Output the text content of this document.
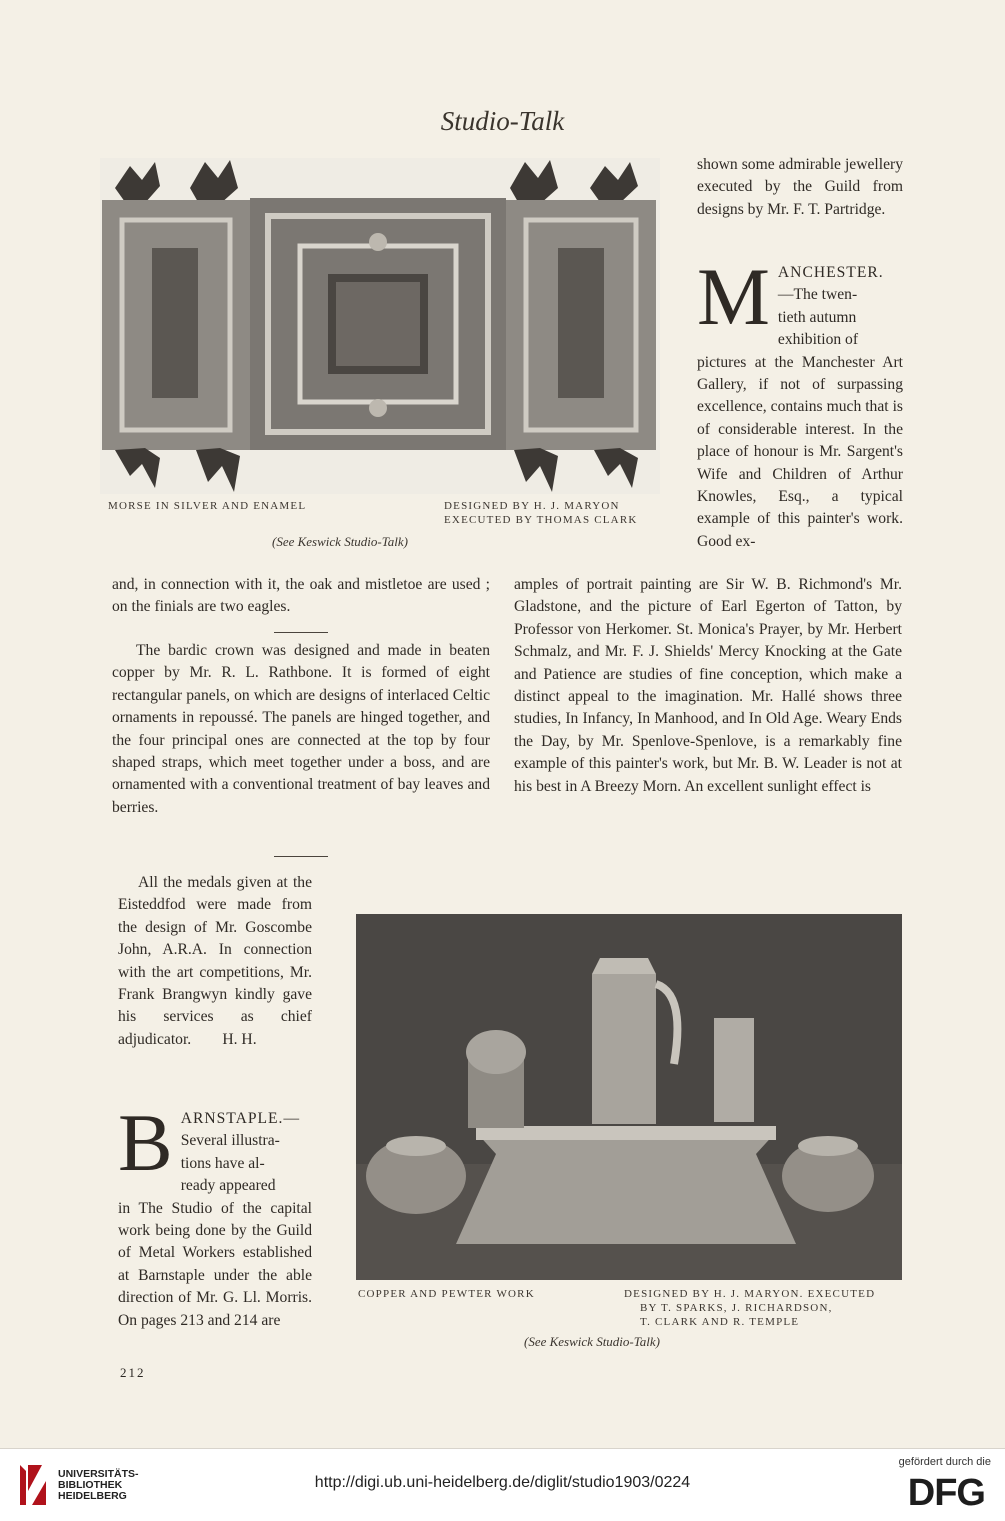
Studio-Talk
MORSE IN SILVER AND ENAMEL	DESIGNED BY H. J. MARYON
EXECUTED BY THOMAS CLARK
(See Keswick Studio-Talk)

shown some admirable jewellery executed by the Guild from designs by Mr. F. T. Partridge.

M ANCHESTER.
—The twen-
tieth autumn
exhibition of
pictures at the Manchester Art Gallery, if not of surpassing excellence, contains much that is of considerable interest. In the place of honour is Mr. Sargent's Wife and Children of Arthur Knowles, Esq., a typical example of this painter's work. Good ex-

and, in connection with it, the oak and mistletoe are used ; on the finials are two eagles.

The bardic crown was designed and made in beaten copper by Mr. R. L. Rathbone. It is formed of eight rectangular panels, on which are designs of interlaced Celtic ornaments in repoussé. The panels are hinged together, and the four principal ones are connected at the top by four shaped straps, which meet together under a boss, and are ornamented with a conventional treatment of bay leaves and berries.

All the medals given at the Eisteddfod were made from the design of Mr. Goscombe John, A.R.A. In connection with the art competitions, Mr. Frank Brangwyn kindly gave his services as chief adjudicator. H. H.

B ARNSTAPLE.—
Several illustra-
tions have al-
ready appeared
in The Studio of the capital work being done by the Guild of Metal Workers established at Barnstaple under the able direction of Mr. G. Ll. Morris. On pages 213 and 214 are

amples of portrait painting are Sir W. B. Richmond's Mr. Gladstone, and the picture of Earl Egerton of Tatton, by Professor von Herkomer. St. Monica's Prayer, by Mr. Herbert Schmalz, and Mr. F. J. Shields' Mercy Knocking at the Gate and Patience are studies of fine conception, which make a distinct appeal to the imagination. Mr. Hallé shows three studies, In Infancy, In Manhood, and In Old Age. Weary Ends the Day, by Mr. Spenlove-Spenlove, is a remarkably fine example of this painter's work, but Mr. B. W. Leader is not at his best in A Breezy Morn. An excellent sunlight effect is

COPPER AND PEWTER WORK	DESIGNED BY H. J. MARYON. EXECUTED
BY T. SPARKS, J. RICHARDSON,
T. CLARK AND R. TEMPLE
(See Keswick Studio-Talk)
212
UNIVERSITÄTS-
BIBLIOTHEK
HEIDELBERG
http://digi.ub.uni-heidelberg.de/diglit/studio1903/0224
gefördert durch die
DFG
